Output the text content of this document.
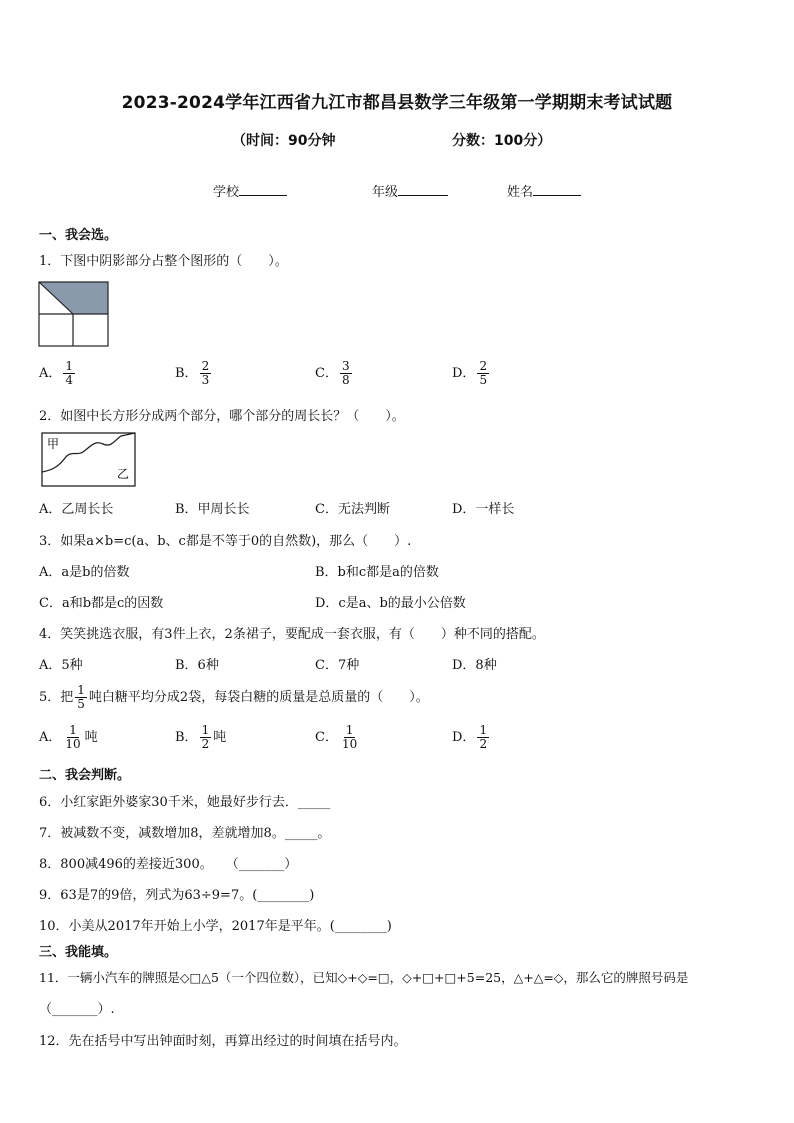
2023-2024学年江西省九江市都昌县数学三年级第一学期期末考试试题
（时间：90分钟	分数：100分）
学校	年级	姓名
一、我会选。
1．下图中阴影部分占整个图形的（　　）。
A． $\frac{1}{4}$	B． $\frac{2}{3}$	C． $\frac{3}{8}$	D． $\frac{2}{5}$
2．如图中长方形分成两个部分，哪个部分的周长长？（　　）。
甲
乙
A．乙周长长	B．甲周长长	C．无法判断	D．一样长
3．如果a×b=c(a、b、c都是不等于0的自然数)，那么（　　）.
A．a是b的倍数	B．b和c都是a的倍数
C．a和b都是c的因数	D．c是a、b的最小公倍数
4．笑笑挑选衣服，有3件上衣，2条裙子，要配成一套衣服，有（　　）种不同的搭配。
A．5种	B．6种	C．7种	D．8种
5．把 $\frac{1}{5}$ 吨白糖平均分成2袋，每袋白糖的质量是总质量的（　　）。
A． $\frac{1}{10}$ 吨	B． $\frac{1}{2}$ 吨	C． $\frac{1}{10}$	D． $\frac{1}{2}$
二、我会判断。
6．小红家距外婆家30千米，她最好步行去．_____
7．被减数不变，减数增加8，差就增加8。_____。
8．800减496的差接近300。　　（_______）
9．63是7的9倍，列式为63÷9=7。(________)
10．小美从2017年开始上小学，2017年是平年。(________)
三、我能填。
11．一辆小汽车的牌照是◇□△5（一个四位数），已知◇+◇=□，◇+□+□+5=25，△+△=◇，那么它的牌照号码是
（_______）.
12．先在括号中写出钟面时刻，再算出经过的时间填在括号内。
